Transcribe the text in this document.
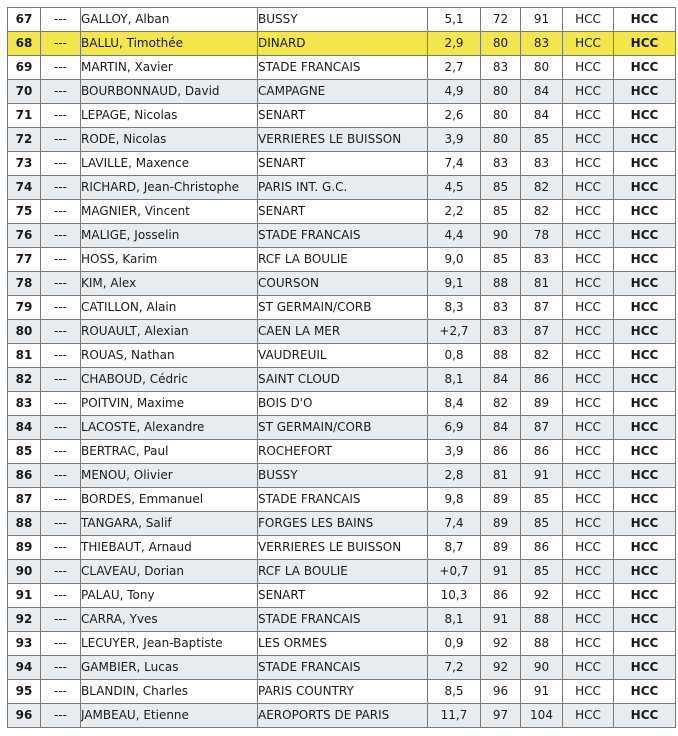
67	---	GALLOY, Alban	BUSSY	5,1	72	91	HCC	HCC
68	---	BALLU, Timothée	DINARD	2,9	80	83	HCC	HCC
69	---	MARTIN, Xavier	STADE FRANCAIS	2,7	83	80	HCC	HCC
70	---	BOURBONNAUD, David	CAMPAGNE	4,9	80	84	HCC	HCC
71	---	LEPAGE, Nicolas	SENART	2,6	80	84	HCC	HCC
72	---	RODE, Nicolas	VERRIERES LE BUISSON	3,9	80	85	HCC	HCC
73	---	LAVILLE, Maxence	SENART	7,4	83	83	HCC	HCC
74	---	RICHARD, Jean-Christophe	PARIS INT. G.C.	4,5	85	82	HCC	HCC
75	---	MAGNIER, Vincent	SENART	2,2	85	82	HCC	HCC
76	---	MALIGE, Josselin	STADE FRANCAIS	4,4	90	78	HCC	HCC
77	---	HOSS, Karim	RCF LA BOULIE	9,0	85	83	HCC	HCC
78	---	KIM, Alex	COURSON	9,1	88	81	HCC	HCC
79	---	CATILLON, Alain	ST GERMAIN/CORB	8,3	83	87	HCC	HCC
80	---	ROUAULT, Alexian	CAEN LA MER	+2,7	83	87	HCC	HCC
81	---	ROUAS, Nathan	VAUDREUIL	0,8	88	82	HCC	HCC
82	---	CHABOUD, Cédric	SAINT CLOUD	8,1	84	86	HCC	HCC
83	---	POITVIN, Maxime	BOIS D'O	8,4	82	89	HCC	HCC
84	---	LACOSTE, Alexandre	ST GERMAIN/CORB	6,9	84	87	HCC	HCC
85	---	BERTRAC, Paul	ROCHEFORT	3,9	86	86	HCC	HCC
86	---	MENOU, Olivier	BUSSY	2,8	81	91	HCC	HCC
87	---	BORDES, Emmanuel	STADE FRANCAIS	9,8	89	85	HCC	HCC
88	---	TANGARA, Salif	FORGES LES BAINS	7,4	89	85	HCC	HCC
89	---	THIEBAUT, Arnaud	VERRIERES LE BUISSON	8,7	89	86	HCC	HCC
90	---	CLAVEAU, Dorian	RCF LA BOULIE	+0,7	91	85	HCC	HCC
91	---	PALAU, Tony	SENART	10,3	86	92	HCC	HCC
92	---	CARRA, Yves	STADE FRANCAIS	8,1	91	88	HCC	HCC
93	---	LECUYER, Jean-Baptiste	LES ORMES	0,9	92	88	HCC	HCC
94	---	GAMBIER, Lucas	STADE FRANCAIS	7,2	92	90	HCC	HCC
95	---	BLANDIN, Charles	PARIS COUNTRY	8,5	96	91	HCC	HCC
96	---	JAMBEAU, Etienne	AEROPORTS DE PARIS	11,7	97	104	HCC	HCC
